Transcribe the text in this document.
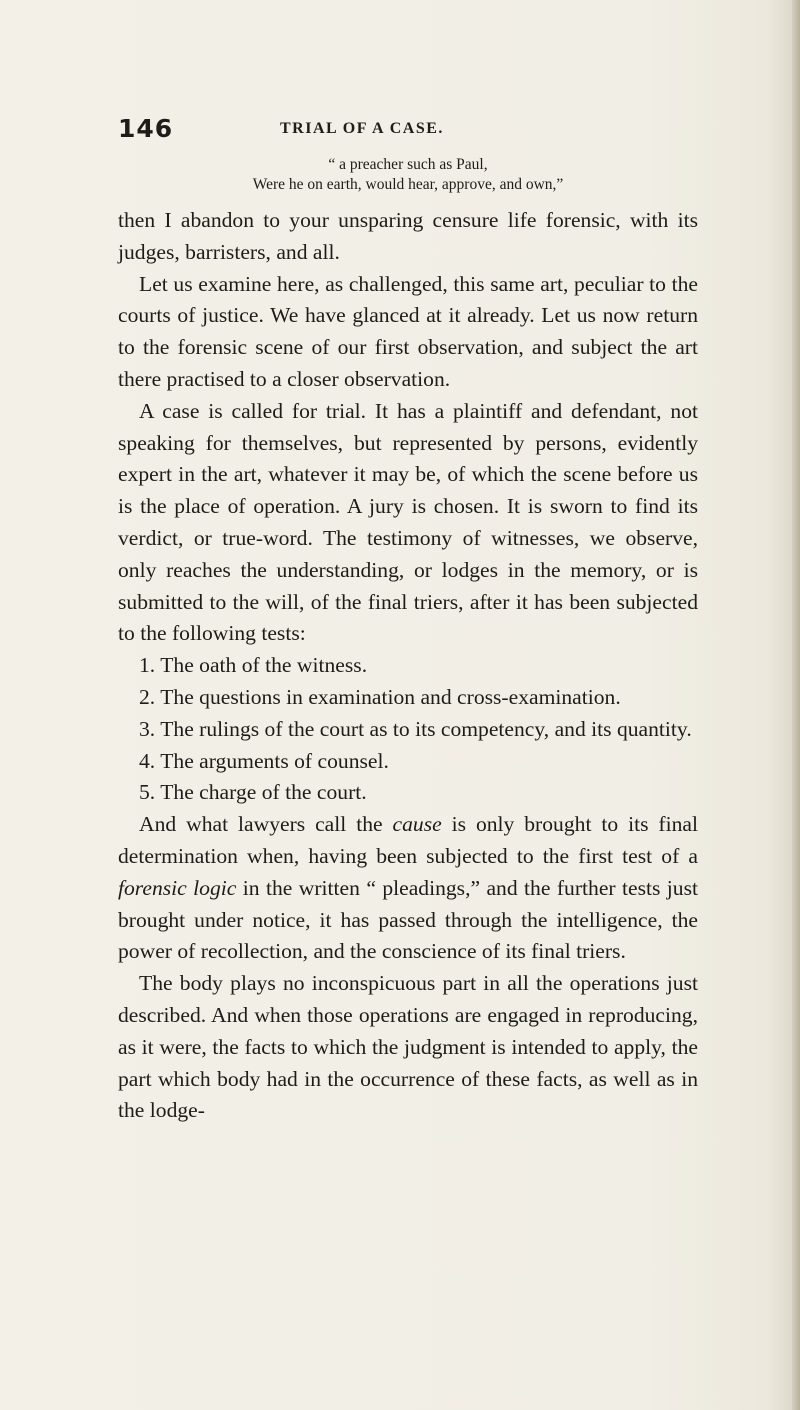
146	TRIAL OF A CASE.
“ a preacher such as Paul,
Were he on earth, would hear, approve, and own,”

then I abandon to your unsparing censure life forensic, with its judges, barristers, and all.

Let us examine here, as challenged, this same art, peculiar to the courts of justice. We have glanced at it already. Let us now return to the forensic scene of our first observation, and subject the art there practised to a closer observation.

A case is called for trial. It has a plaintiff and defendant, not speaking for themselves, but represented by persons, evidently expert in the art, whatever it may be, of which the scene before us is the place of operation. A jury is chosen. It is sworn to find its verdict, or true-word. The testimony of witnesses, we observe, only reaches the understanding, or lodges in the memory, or is submitted to the will, of the final triers, after it has been subjected to the following tests:

1. The oath of the witness.

2. The questions in examination and cross-examination.

3. The rulings of the court as to its competency, and its quantity.

4. The arguments of counsel.

5. The charge of the court.

And what lawyers call the cause is only brought to its final determination when, having been subjected to the first test of a forensic logic in the written “ pleadings,” and the further tests just brought under notice, it has passed through the intelligence, the power of recollection, and the conscience of its final triers.

The body plays no inconspicuous part in all the operations just described. And when those operations are engaged in reproducing, as it were, the facts to which the judgment is intended to apply, the part which body had in the occurrence of these facts, as well as in the lodge-
